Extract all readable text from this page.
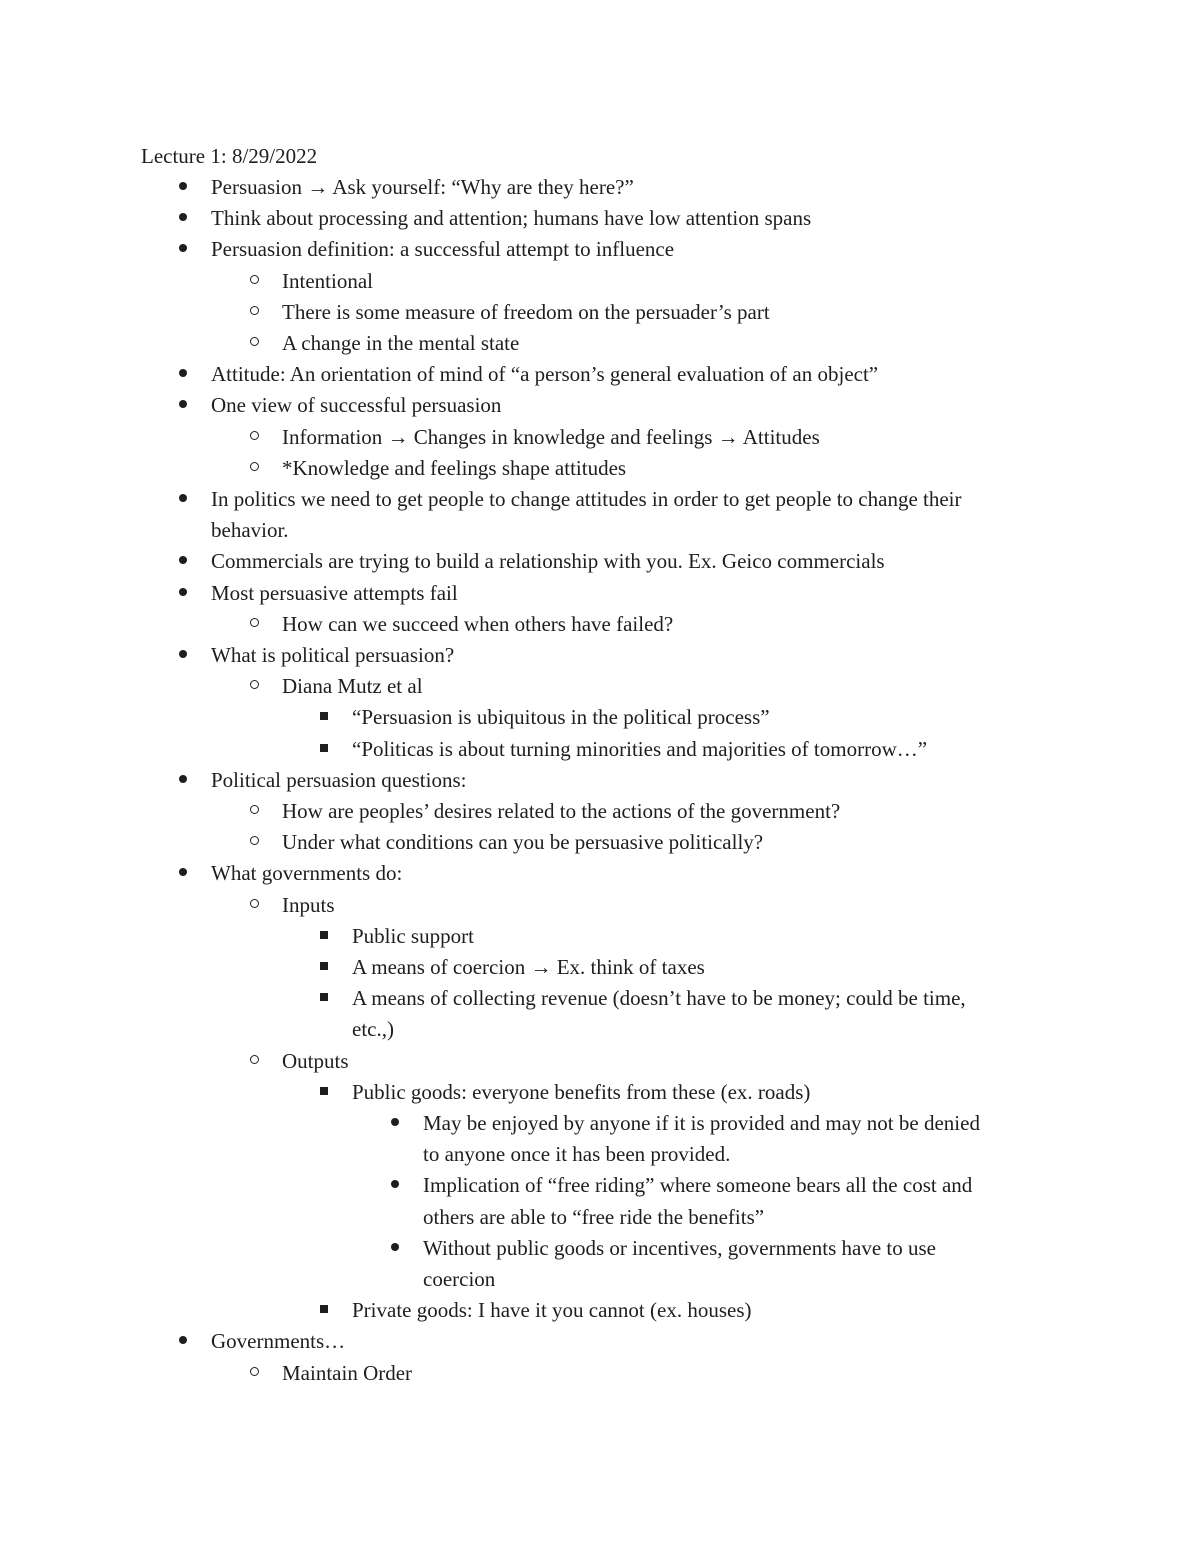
Lecture 1: 8/29/2022
Persuasion → Ask yourself: “Why are they here?”
Think about processing and attention; humans have low attention spans
Persuasion definition: a successful attempt to influence
Intentional
There is some measure of freedom on the persuader’s part
A change in the mental state
Attitude: An orientation of mind of “a person’s general evaluation of an object”
One view of successful persuasion
Information → Changes in knowledge and feelings → Attitudes
*Knowledge and feelings shape attitudes
In politics we need to get people to change attitudes in order to get people to change their
behavior.
Commercials are trying to build a relationship with you. Ex. Geico commercials
Most persuasive attempts fail
How can we succeed when others have failed?
What is political persuasion?
Diana Mutz et al
“Persuasion is ubiquitous in the political process”
“Politicas is about turning minorities and majorities of tomorrow…”
Political persuasion questions:
How are peoples’ desires related to the actions of the government?
Under what conditions can you be persuasive politically?
What governments do:
Inputs
Public support
A means of coercion → Ex. think of taxes
A means of collecting revenue (doesn’t have to be money; could be time,
etc.,)
Outputs
Public goods: everyone benefits from these (ex. roads)
May be enjoyed by anyone if it is provided and may not be denied
to anyone once it has been provided.
Implication of “free riding” where someone bears all the cost and
others are able to “free ride the benefits”
Without public goods or incentives, governments have to use
coercion
Private goods: I have it you cannot (ex. houses)
Governments…
Maintain Order
